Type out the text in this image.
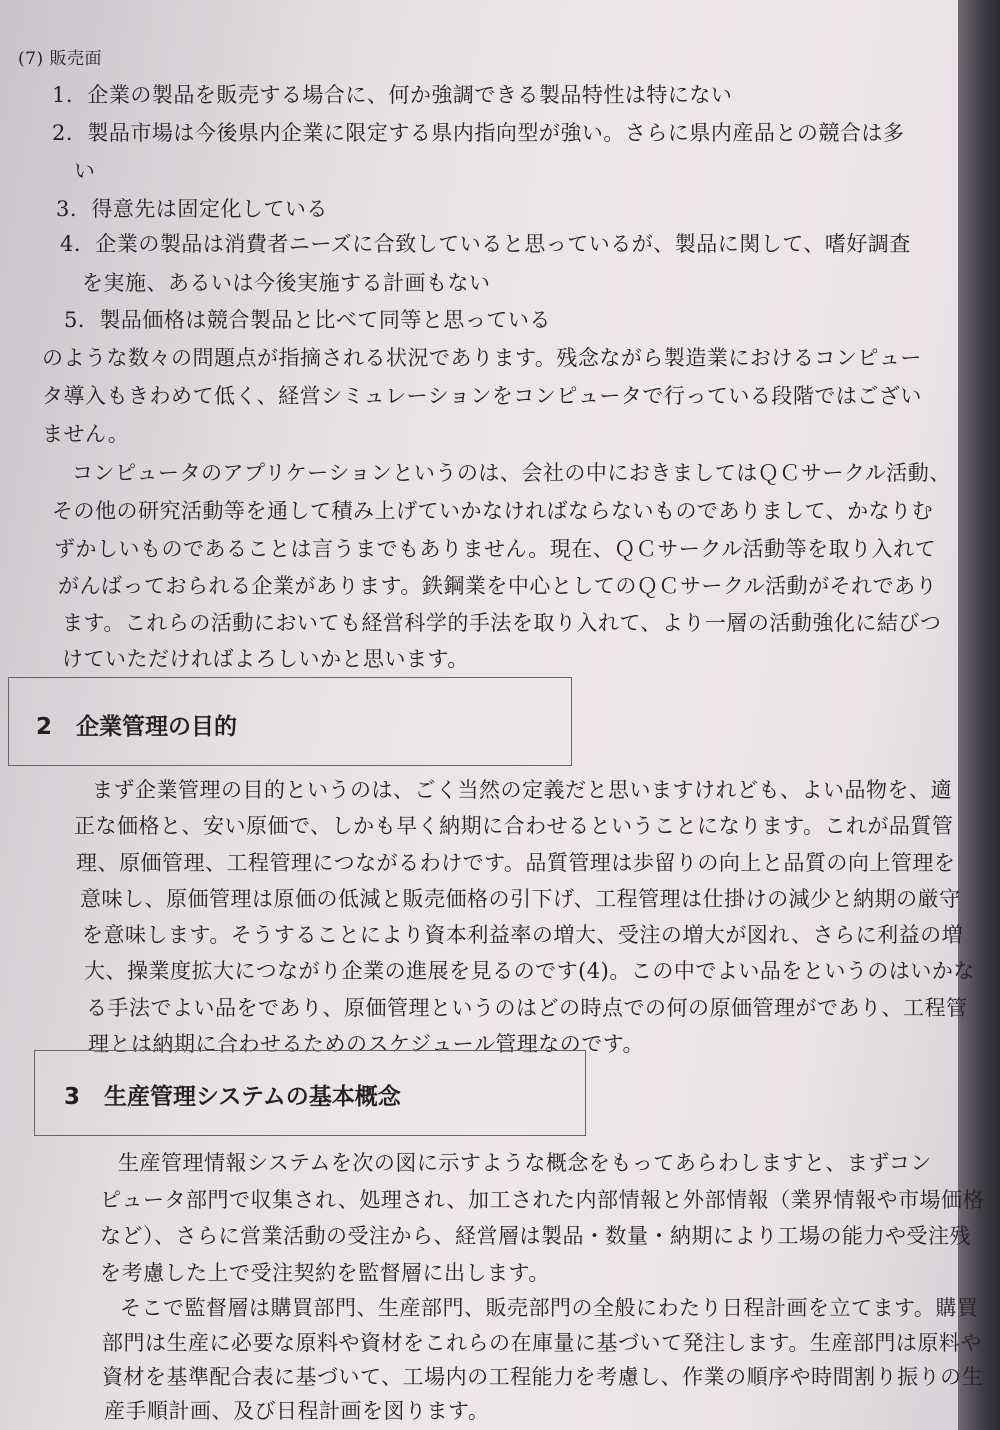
(7) 販売面
1．企業の製品を販売する場合に、何か強調できる製品特性は特にない
2．製品市場は今後県内企業に限定する県内指向型が強い。さらに県内産品との競合は多
い
3．得意先は固定化している
4．企業の製品は消費者ニーズに合致していると思っているが、製品に関して、嗜好調査
を実施、あるいは今後実施する計画もない
5．製品価格は競合製品と比べて同等と思っている
のような数々の問題点が指摘される状況であります。残念ながら製造業におけるコンピュー
タ導入もきわめて低く、経営シミュレーションをコンピュータで行っている段階ではござい
ません。
コンピュータのアプリケーションというのは、会社の中におきましてはＱＣサークル活動、
その他の研究活動等を通して積み上げていかなければならないものでありまして、かなりむ
ずかしいものであることは言うまでもありません。現在、ＱＣサークル活動等を取り入れて
がんばっておられる企業があります。鉄鋼業を中心としてのＱＣサークル活動がそれであり
ます。これらの活動においても経営科学的手法を取り入れて、より一層の活動強化に結びつ
けていただければよろしいかと思います。
2 企業管理の目的
まず企業管理の目的というのは、ごく当然の定義だと思いますけれども、よい品物を、適
正な価格と、安い原価で、しかも早く納期に合わせるということになります。これが品質管
理、原価管理、工程管理につながるわけです。品質管理は歩留りの向上と品質の向上管理を
意味し、原価管理は原価の低減と販売価格の引下げ、工程管理は仕掛けの減少と納期の厳守
を意味します。そうすることにより資本利益率の増大、受注の増大が図れ、さらに利益の増
大、操業度拡大につながり企業の進展を見るのです(4)。この中でよい品をというのはいかな
る手法でよい品をであり、原価管理というのはどの時点での何の原価管理がであり、工程管
理とは納期に合わせるためのスケジュール管理なのです。
3 生産管理システムの基本概念
生産管理情報システムを次の図に示すような概念をもってあらわしますと、まずコン
ピュータ部門で収集され、処理され、加工された内部情報と外部情報（業界情報や市場価格
など）、さらに営業活動の受注から、経営層は製品・数量・納期により工場の能力や受注残
を考慮した上で受注契約を監督層に出します。
そこで監督層は購買部門、生産部門、販売部門の全般にわたり日程計画を立てます。購買
部門は生産に必要な原料や資材をこれらの在庫量に基づいて発注します。生産部門は原料や
資材を基準配合表に基づいて、工場内の工程能力を考慮し、作業の順序や時間割り振りの生
産手順計画、及び日程計画を図ります。
